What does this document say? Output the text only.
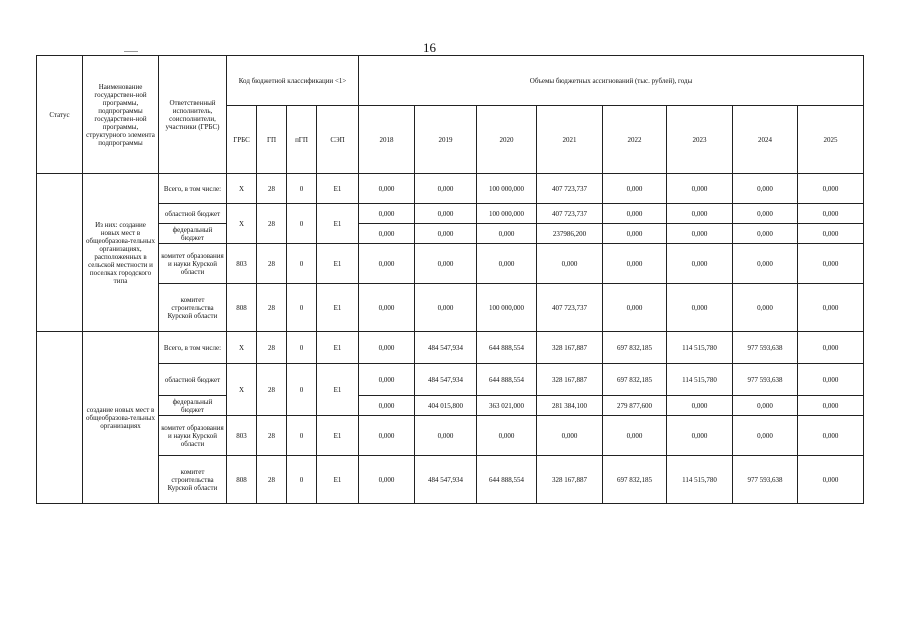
16
Статус	Наименование государствен-ной программы, подпрограммы государствен-ной программы, структурного элемента подпрограммы	Ответственный исполнитель, соисполнители, участники (ГРБС)	Код бюджетной классификации <1>				Объемы бюджетных ассигнований (тыс. рублей), годы							
			ГРБС	ГП	пГП	СЭП	2018	2019	2020	2021	2022	2023	2024	2025
	Из них: создание новых мест в общеобразова-тельных организациях, расположенных в сельской местности и поселках городского типа	Всего, в том числе:	X	28	0	E1	0,000	0,000	100 000,000	407 723,737	0,000	0,000	0,000	0,000
		областной бюджет	X	28	0	E1	0,000	0,000	100 000,000	407 723,737	0,000	0,000	0,000	0,000
		федеральный бюджет					0,000	0,000	0,000	237986,200	0,000	0,000	0,000	0,000
		комитет образования и науки Курской области	803	28	0	E1	0,000	0,000	0,000	0,000	0,000	0,000	0,000	0,000
		комитет строительства Курской области	808	28	0	E1	0,000	0,000	100 000,000	407 723,737	0,000	0,000	0,000	0,000
	создание новых мест в общеобразова-тельных организациях	Всего, в том числе:	X	28	0	E1	0,000	484 547,934	644 888,554	328 167,887	697 832,185	114 515,780	977 593,638	0,000
		областной бюджет	X	28	0	E1	0,000	484 547,934	644 888,554	328 167,887	697 832,185	114 515,780	977 593,638	0,000
		федеральный бюджет					0,000	404 015,800	363 021,000	281 384,100	279 877,600	0,000	0,000	0,000
		комитет образования и науки Курской области	803	28	0	E1	0,000	0,000	0,000	0,000	0,000	0,000	0,000	0,000
		комитет строительства Курской области	808	28	0	E1	0,000	484 547,934	644 888,554	328 167,887	697 832,185	114 515,780	977 593,638	0,000
